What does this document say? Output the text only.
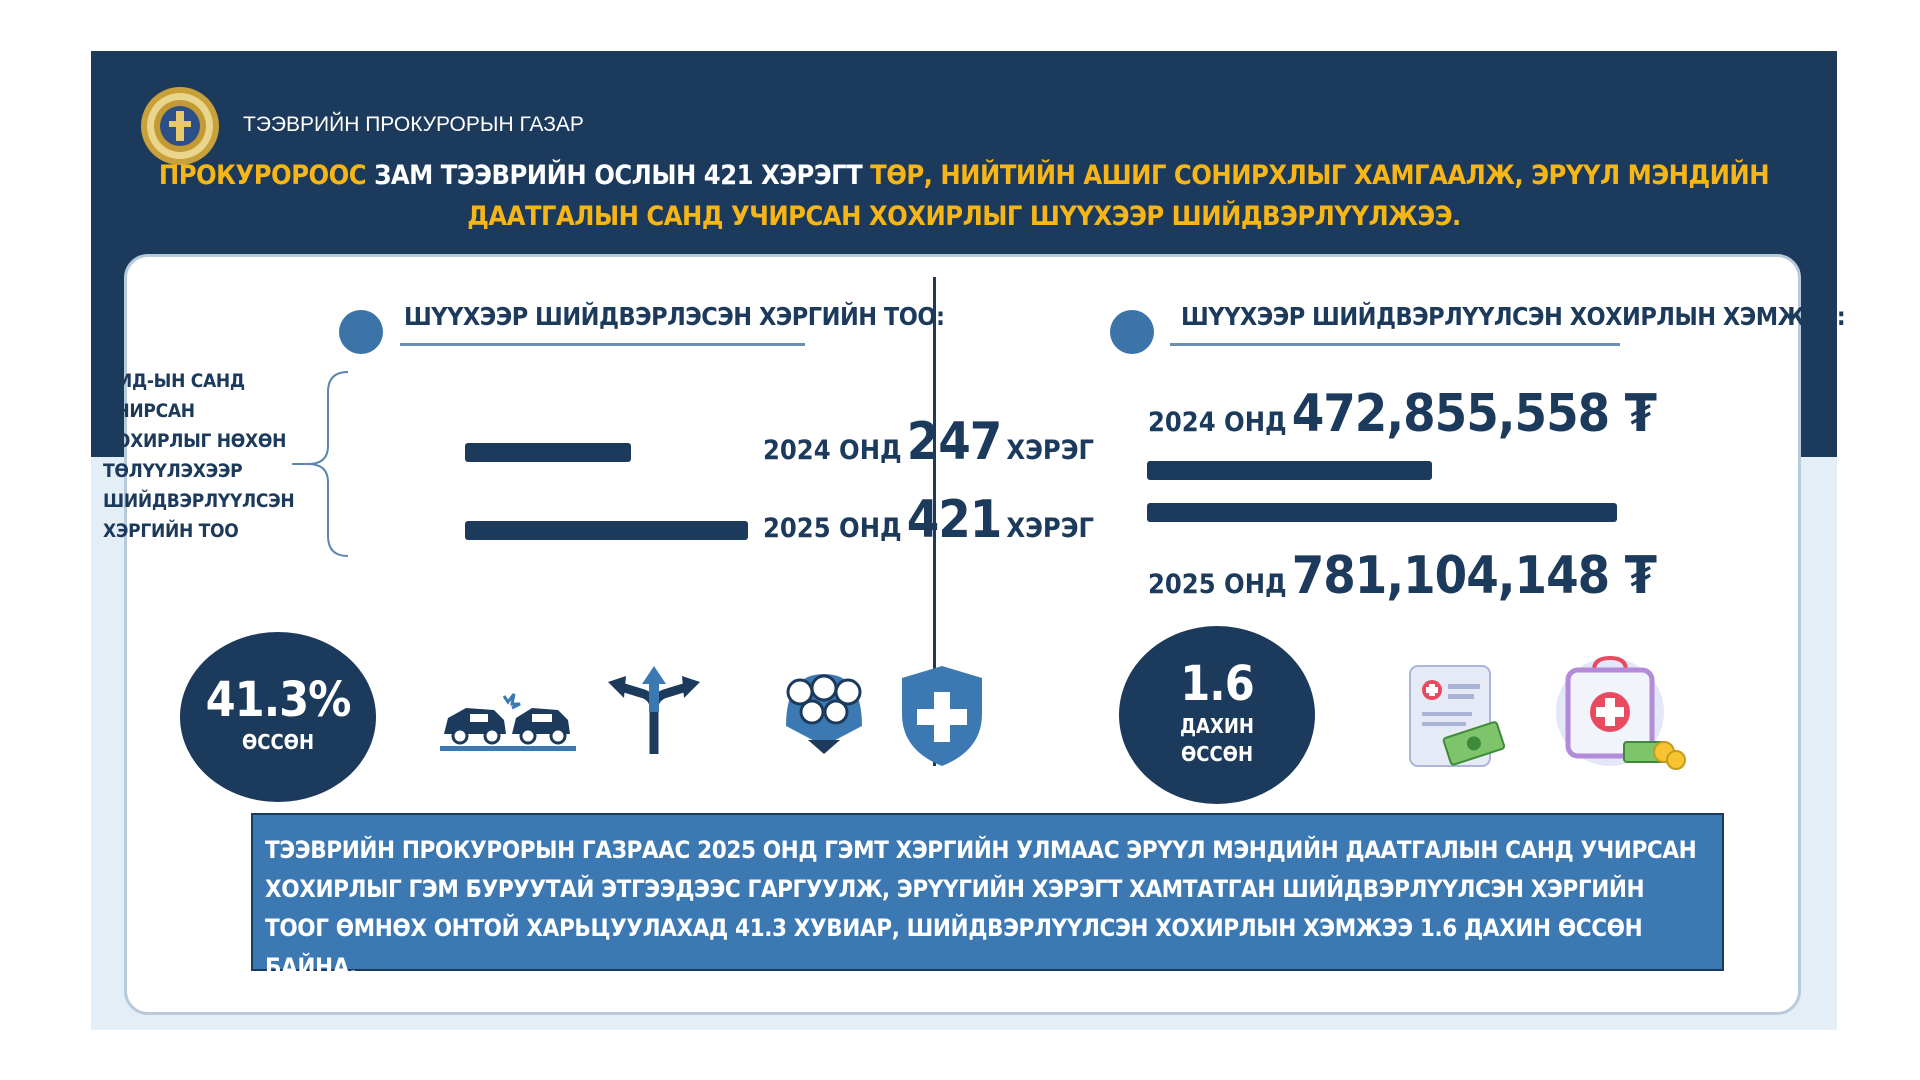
ТЭЭВРИЙН ПРОКУРОРЫН ГАЗАР
ПРОКУРОРООС ЗАМ ТЭЭВРИЙН ОСЛЫН 421 ХЭРЭГТ ТӨР, НИЙТИЙН АШИГ СОНИРХЛЫГ ХАМГААЛЖ, ЭРҮҮЛ МЭНДИЙН
ДААТГАЛЫН САНД УЧИРСАН ХОХИРЛЫГ ШҮҮХЭЭР ШИЙДВЭРЛҮҮЛЖЭЭ.
ШҮҮХЭЭР ШИЙДВЭРЛЭСЭН ХЭРГИЙН ТОО:
ЭМД-ЫН САНД УЧИРСАН ХОХИРЛЫГ НӨХӨН ТӨЛҮҮЛЭХЭЭР ШИЙДВЭРЛҮҮЛСЭН ХЭРГИЙН ТОО
2024 ОНД 247 ХЭРЭГ
2025 ОНД 421 ХЭРЭГ
41.3%
ӨССӨН
ШҮҮХЭЭР ШИЙДВЭРЛҮҮЛСЭН ХОХИРЛЫН ХЭМЖЭЭ:
2024 ОНД 472,855,558 ₮
2025 ОНД 781,104,148 ₮
1.6
ДАХИН
ӨССӨН
ТЭЭВРИЙН ПРОКУРОРЫН ГАЗРААС 2025 ОНД ГЭМТ ХЭРГИЙН УЛМААС ЭРҮҮЛ МЭНДИЙН ДААТГАЛЫН САНД УЧИРСАН ХОХИРЛЫГ ГЭМ БУРУУТАЙ ЭТГЭЭДЭЭС ГАРГУУЛЖ, ЭРҮҮГИЙН ХЭРЭГТ ХАМТАТГАН ШИЙДВЭРЛҮҮЛСЭН ХЭРГИЙН ТООГ ӨМНӨХ ОНТОЙ ХАРЬЦУУЛАХАД 41.3 ХУВИАР, ШИЙДВЭРЛҮҮЛСЭН ХОХИРЛЫН ХЭМЖЭЭ 1.6 ДАХИН ӨССӨН БАЙНА.
